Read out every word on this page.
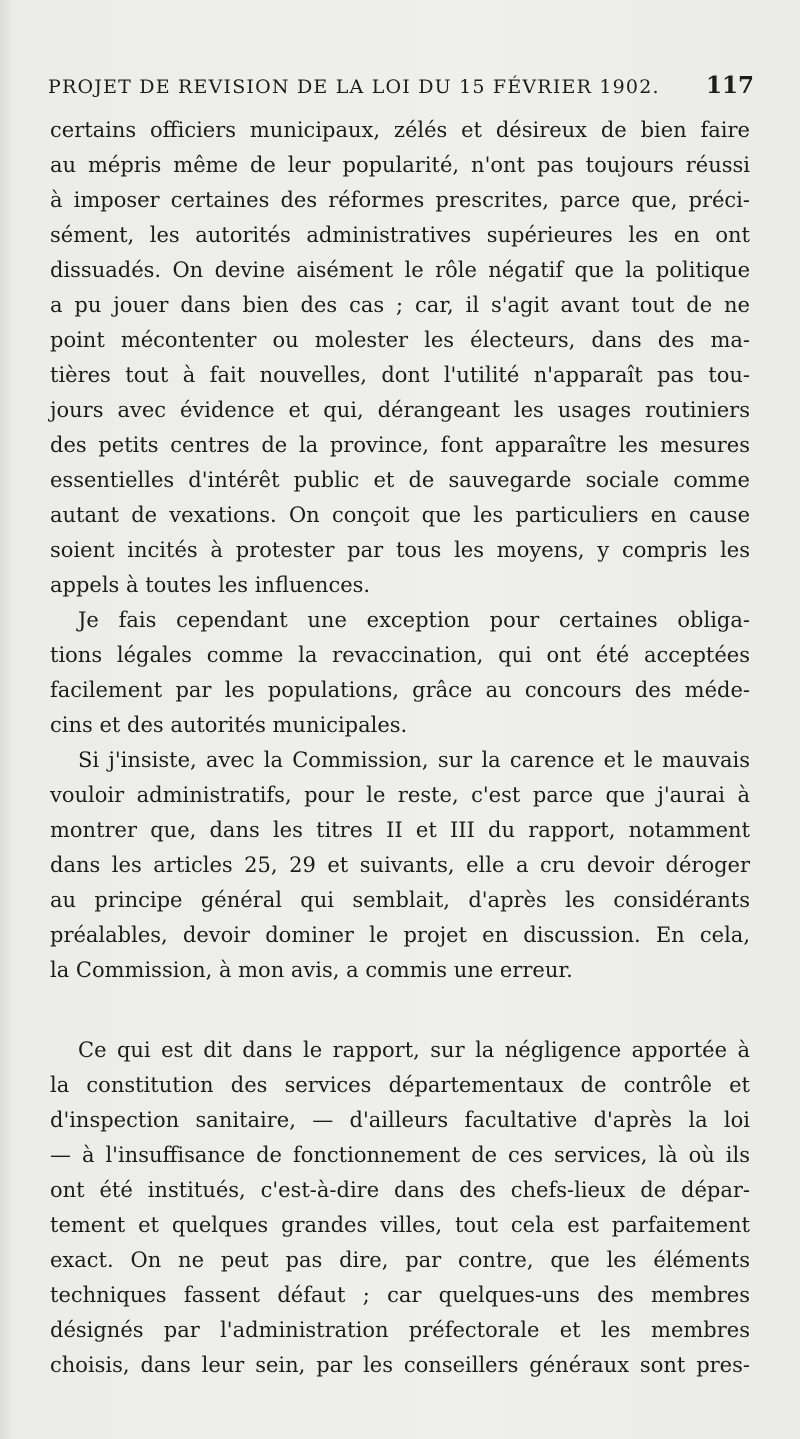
PROJET DE REVISION DE LA LOI DU 15 FÉVRIER 1902. 117

certains officiers municipaux, zélés et désireux de bien faire

au mépris même de leur popularité, n'ont pas toujours réussi

à imposer certaines des réformes prescrites, parce que, préci-

sément, les autorités administratives supérieures les en ont

dissuadés. On devine aisément le rôle négatif que la politique

a pu jouer dans bien des cas ; car, il s'agit avant tout de ne

point mécontenter ou molester les électeurs, dans des ma-

tières tout à fait nouvelles, dont l'utilité n'apparaît pas tou-

jours avec évidence et qui, dérangeant les usages routiniers

des petits centres de la province, font apparaître les mesures

essentielles d'intérêt public et de sauvegarde sociale comme

autant de vexations. On conçoit que les particuliers en cause

soient incités à protester par tous les moyens, y compris les

appels à toutes les influences.

Je fais cependant une exception pour certaines obliga-

tions légales comme la revaccination, qui ont été acceptées

facilement par les populations, grâce au concours des méde-

cins et des autorités municipales.

Si j'insiste, avec la Commission, sur la carence et le mauvais

vouloir administratifs, pour le reste, c'est parce que j'aurai à

montrer que, dans les titres II et III du rapport, notamment

dans les articles 25, 29 et suivants, elle a cru devoir déroger

au principe général qui semblait, d'après les considérants

préalables, devoir dominer le projet en discussion. En cela,

la Commission, à mon avis, a commis une erreur.

Ce qui est dit dans le rapport, sur la négligence apportée à

la constitution des services départementaux de contrôle et

d'inspection sanitaire, — d'ailleurs facultative d'après la loi

— à l'insuffisance de fonctionnement de ces services, là où ils

ont été institués, c'est-à-dire dans des chefs-lieux de dépar-

tement et quelques grandes villes, tout cela est parfaitement

exact. On ne peut pas dire, par contre, que les éléments

techniques fassent défaut ; car quelques-uns des membres

désignés par l'administration préfectorale et les membres

choisis, dans leur sein, par les conseillers généraux sont pres-
